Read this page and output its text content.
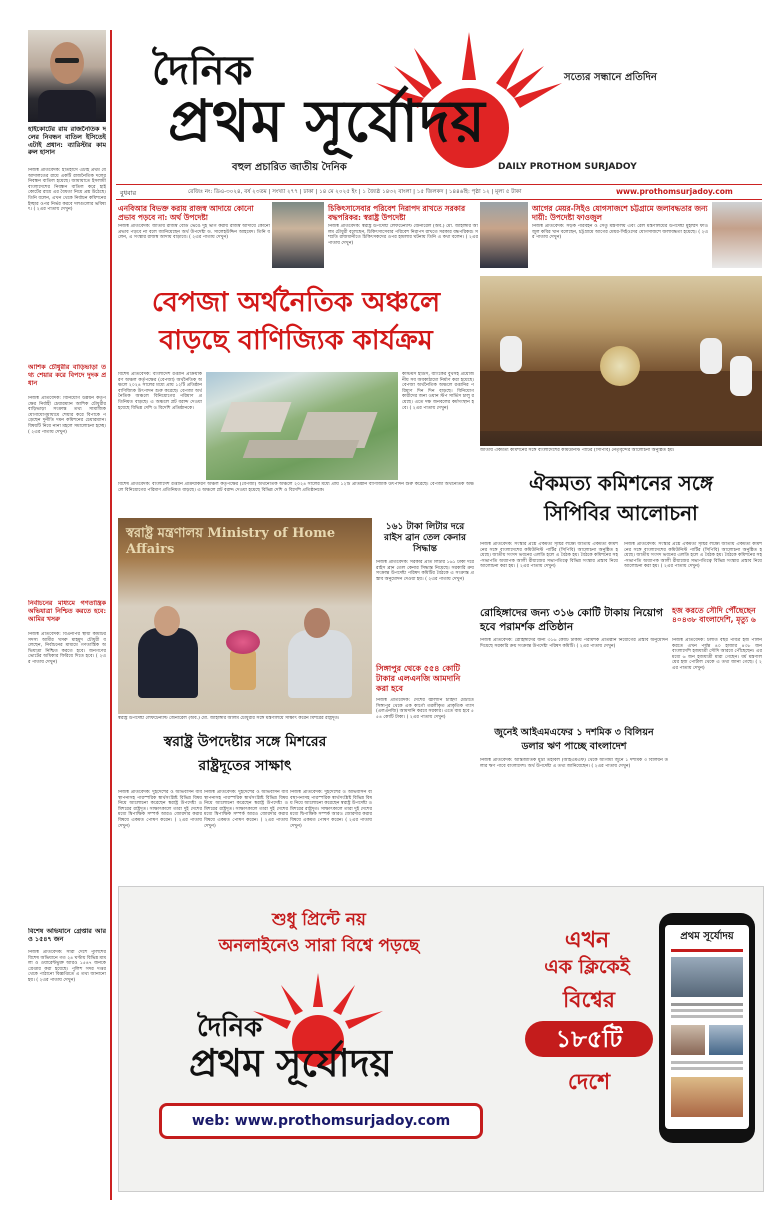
হাইকোর্টের রায় রাজনৈতিক দলের নিবন্ধন বাতিল ইসিতেই এটাই প্রধান: ব্যারিস্টার কামরুল হাসান
নিজস্ব প্রতিবেদক: ইতিহাসে এটাই প্রথম যে আদালতের রায়ে একটি রাজনৈতিক দলের নিবন্ধন বাতিল হয়েছে। জামায়াতে ইসলামী বাংলাদেশের নিবন্ধন বাতিল করে হাইকোর্টের রায়ে এর বৈধতা নিয়ে প্রশ্ন উঠেছে। তিনি বলেন, এখন থেকে নির্বাচন কমিশনের ইচ্ছার ওপর নির্ভর করবে দলগুলোর ভবিষ্যৎ। ( ২এর পাতায় দেখুন)
আশিক চৌধুরীর বাড়িভাড়া তথ্য শেয়ার করে বিপদে দুদক প্রধান
নিজস্ব প্রতিবেদক: বিনিয়োগ উন্নয়ন কর্তৃপক্ষের নির্বাহী চেয়ারম্যান আশিক চৌধুরীর বাড়িভাড়া সংক্রান্ত তথ্য সামাজিক যোগাযোগমাধ্যমে শেয়ার করে বিপাকে পড়েছেন দুর্নীতি দমন কমিশনের চেয়ারম্যান। বিষয়টি নিয়ে নানা মহলে সমালোচনা হচ্ছে। ( ২এর পাতায় দেখুন)
নির্বাচনের মাধ্যমে গণতান্ত্রিক অভিযাত্রা নিশ্চিত করতে হবে: আমির খসরু
নিজস্ব প্রতিবেদক: বিএনপির স্থায়ী কমিটির সদস্য আমীর খসরু মাহমুদ চৌধুরী বলেছেন, নির্বাচনের মাধ্যমে গণতান্ত্রিক অভিযাত্রা নিশ্চিত করতে হবে। জনগণের ভোটের অধিকার ফিরিয়ে দিতে হবে। ( ২এর পাতায় দেখুন)
বিশেষ অভিযানে গ্রেপ্তার আরও ১৫৪৭ জন
নিজস্ব প্রতিবেদক: সারা দেশে পুলিশের বিশেষ অভিযানে গত ২৪ ঘণ্টায় বিভিন্ন মামলা ও ওয়ারেন্টভুক্ত আরও ১৫৪৭ জনকে গ্রেপ্তার করা হয়েছে। পুলিশ সদর দপ্তর থেকে পাঠানো বিজ্ঞপ্তিতে এ তথ্য জানানো হয়। ( ২এর পাতায় দেখুন)
দৈনিক
প্রথম সূর্যোদয়
সত্যের সন্ধানে প্রতিদিন
বহুল প্রচারিত জাতীয় দৈনিক	DAILY PROTHOM SURJADOY
বুধবার	রেজিঃ নং: ডিএ-৩০২৪, বর্ষ ২৩তম | সংখ্যা ২৭৭ | ঢাকা | ১৪ মে ২০২৫ ইং | ১ জ্যৈষ্ঠ ১৪৩২ বাংলা | ১৫ জিলকদ | ১৪৪৬হি: পৃষ্ঠা ১২ | মূল্য ৫ টাকা	www.prothomsurjadoy.com
এনবিআর বিভক্ত করায় রাজস্ব আদায়ে কোনো প্রভাব পড়বে না: অর্থ উপদেষ্টা
নিজস্ব প্রতিবেদক: জাতীয় রাজস্ব বোর্ড ভেঙে দুই ভাগ করায় রাজস্ব আদায়ে কোনো প্রভাব পড়বে না বলে জানিয়েছেন অর্থ উপদেষ্টা ড. সালেহউদ্দিন আহমেদ। তিনি বলেন, এ সংস্কার রাজস্ব আদায় বাড়াবে। ( ২এর পাতায় দেখুন)
চিকিৎসাসেবার পরিবেশ নিরাপদ রাখতে সরকার বদ্ধপরিকর: স্বরাষ্ট্র উপদেষ্টা
নিজস্ব প্রতিবেদক: স্বরাষ্ট্র উপদেষ্টা লেফটেন্যান্ট জেনারেল (অব.) মো. জাহাঙ্গীর আলম চৌধুরী বলেছেন, চিকিৎসাসেবার পরিবেশ নিরাপদ রাখতে সরকার বদ্ধপরিকর। সম্প্রতি রাজধানীতে চিকিৎসকদের ওপর হামলার ঘটনায় তিনি এ কথা বলেন। ( ২এর পাতায় দেখুন)
আগের মেয়র-সিইও যোগসাজশে চট্টগ্রামে জলাবদ্ধতার জন্য দায়ী: উপদেষ্টা ফাওজুল
নিজস্ব প্রতিবেদক: সড়ক পরিবহন ও সেতু মন্ত্রণালয় এবং রেল মন্ত্রণালয়ের উপদেষ্টা মুহাম্মদ ফাওজুল কবির খান বলেছেন, চট্টগ্রামে আগের মেয়র-সিইওদের যোগসাজশে জলাবদ্ধতা হয়েছে। ( ২এর পাতায় দেখুন)
বেপজা অর্থনৈতিক অঞ্চলে
বাড়ছে বাণিজ্যিক কার্যক্রম
বিশেষ প্রতিবেদক: বাংলাদেশ রপ্তানি প্রক্রিয়াকরণ অঞ্চল কর্তৃপক্ষের (বেপজা) অর্থনৈতিক অঞ্চলে ২০২৪ সালের মধ্যে প্রায় ১২টি প্রতিষ্ঠান বাণিজ্যিক উৎপাদন শুরু করেছে। বেপজা অর্থনৈতিক অঞ্চলে বিনিয়োগের পরিমাণ প্রতিনিয়ত বাড়ছে। এ অঞ্চলে প্লট বরাদ্দ দেওয়া হয়েছে বিভিন্ন দেশি ও বিদেশি প্রতিষ্ঠানকে।
কাস্টমস হাউস, ব্যাংকের বুথসহ প্রয়োজনীয় সব অবকাঠামো নির্মাণ করা হয়েছে। বেপজা অর্থনৈতিক অঞ্চলে রপ্তানির পরিমাণ দিন দিন বাড়ছে। বিনিয়োগকারীদের জন্য ওয়ান স্টপ সার্ভিস চালু রয়েছে। এতে দক্ষ জনবলের কর্মসংস্থান হবে। ( ২এর পাতায় দেখুন)
বিশেষ প্রতিবেদক: বাংলাদেশ রপ্তানি প্রক্রিয়াকরণ অঞ্চল কর্তৃপক্ষের (বেপজা) অর্থনৈতিক অঞ্চলে ২০২৪ সালের মধ্যে প্রায় ১২টি প্রতিষ্ঠান বাণিজ্যিক উৎপাদন শুরু করেছে। বেপজা অর্থনৈতিক অঞ্চলে বিনিয়োগের পরিমাণ প্রতিনিয়ত বাড়ছে। এ অঞ্চলে প্লট বরাদ্দ দেওয়া হয়েছে বিভিন্ন দেশি ও বিদেশি প্রতিষ্ঠানকে।
জাতীয় ঐকমত্য কমিশনের সঙ্গে বাংলাদেশের কমিউনিস্ট পার্টির (সিপিবি) নেতৃবৃন্দের আলোচনা অনুষ্ঠিত হয়।
ঐকমত্য কমিশনের সঙ্গে
সিপিবির আলোচনা
নিজস্ব প্রতিবেদক: সংস্কার প্রশ্নে ঐকমত্য সৃষ্টির লক্ষ্যে জাতীয় ঐকমত্য কমিশনের সঙ্গে বাংলাদেশের কমিউনিস্ট পার্টির (সিপিবি) আলোচনা অনুষ্ঠিত হয়েছে। জাতীয় সংসদ ভবনের এলডি হলে এ বৈঠক হয়। বৈঠকে কমিশনের সহ-সভাপতি অধ্যাপক আলী রীয়াজের সভাপতিত্বে বিভিন্ন সংস্কার প্রস্তাব নিয়ে আলোচনা করা হয়। ( ২এর পাতায় দেখুন)
নিজস্ব প্রতিবেদক: সংস্কার প্রশ্নে ঐকমত্য সৃষ্টির লক্ষ্যে জাতীয় ঐকমত্য কমিশনের সঙ্গে বাংলাদেশের কমিউনিস্ট পার্টির (সিপিবি) আলোচনা অনুষ্ঠিত হয়েছে। জাতীয় সংসদ ভবনের এলডি হলে এ বৈঠক হয়। বৈঠকে কমিশনের সহ-সভাপতি অধ্যাপক আলী রীয়াজের সভাপতিত্বে বিভিন্ন সংস্কার প্রস্তাব নিয়ে আলোচনা করা হয়। ( ২এর পাতায় দেখুন)
স্বরাষ্ট্র মন্ত্রণালয় Ministry of Home Affairs
স্বরাষ্ট্র উপদেষ্টা লেফটেন্যান্ট জেনারেল (অব.) মো. জাহাঙ্গীর আলম চৌধুরীর সঙ্গে মন্ত্রণালয়ে সাক্ষাৎ করেন মিশরের রাষ্ট্রদূত।
স্বরাষ্ট্র উপদেষ্টার সঙ্গে মিশরের
রাষ্ট্রদূতের সাক্ষাৎ
নিজস্ব প্রতিবেদক: দুইদেশের ও অভিবাসন ব্যবস্থাপনাসহ পারস্পরিক স্বার্থসংশ্লিষ্ট বিভিন্ন বিষয় নিয়ে আলোচনা করেছেন স্বরাষ্ট্র উপদেষ্টা ও মিশরের রাষ্ট্রদূত। সাক্ষাৎকালে তারা দুই দেশের মধ্যে দ্বিপাক্ষিক সম্পর্ক আরও জোরদার করার বিষয়ে একমত পোষণ করেন। ( ২এর পাতায় দেখুন)
নিজস্ব প্রতিবেদক: দুইদেশের ও অভিবাসন ব্যবস্থাপনাসহ পারস্পরিক স্বার্থসংশ্লিষ্ট বিভিন্ন বিষয় নিয়ে আলোচনা করেছেন স্বরাষ্ট্র উপদেষ্টা ও মিশরের রাষ্ট্রদূত। সাক্ষাৎকালে তারা দুই দেশের মধ্যে দ্বিপাক্ষিক সম্পর্ক আরও জোরদার করার বিষয়ে একমত পোষণ করেন। ( ২এর পাতায় দেখুন)
নিজস্ব প্রতিবেদক: দুইদেশের ও অভিবাসন ব্যবস্থাপনাসহ পারস্পরিক স্বার্থসংশ্লিষ্ট বিভিন্ন বিষয় নিয়ে আলোচনা করেছেন স্বরাষ্ট্র উপদেষ্টা ও মিশরের রাষ্ট্রদূত। সাক্ষাৎকালে তারা দুই দেশের মধ্যে দ্বিপাক্ষিক সম্পর্ক আরও জোরদার করার বিষয়ে একমত পোষণ করেন। ( ২এর পাতায় দেখুন)
১৬১ টাকা লিটার দরে রাইস ব্রান তেল কেনার সিদ্ধান্ত
নিজস্ব প্রতিবেদক: সরকার প্রতি লিটার ১৬১ টাকা দরে রাইস ব্রান তেল কেনার সিদ্ধান্ত নিয়েছে। সরকারি ক্রয় সংক্রান্ত উপদেষ্টা পরিষদ কমিটির বৈঠকে এ সংক্রান্ত প্রস্তাব অনুমোদন দেওয়া হয়। ( ২এর পাতায় দেখুন)
সিঙ্গাপুর থেকে ৫৫৪ কোটি টাকার এলএনজি আমদানি করা হবে
নিজস্ব প্রতিবেদক: দেশের জ্বালানি চাহিদা মেটাতে সিঙ্গাপুর থেকে এক কার্গো তরলীকৃত প্রাকৃতিক গ্যাস (এলএনজি) আমদানি করবে সরকার। এতে ব্যয় হবে ৫৫৪ কোটি টাকা। ( ২এর পাতায় দেখুন)
রোহিঙ্গাদের জন্য ৩১৬ কোটি টাকায় নিয়োগ হবে পরামর্শক প্রতিষ্ঠান
নিজস্ব প্রতিবেদক: রোহিঙ্গাদের জন্য ৩১৬ কোটি টাকায় পরামর্শক প্রতিষ্ঠান নিয়োগের প্রস্তাব অনুমোদন দিয়েছে সরকারি ক্রয় সংক্রান্ত উপদেষ্টা পরিষদ কমিটি। ( ২এর পাতায় দেখুন)
জুনেই আইএমএফের ১ দশমিক ৩ বিলিয়ন
ডলার ঋণ পাচ্ছে বাংলাদেশ
নিজস্ব প্রতিবেদক: আন্তর্জাতিক মুদ্রা তহবিল (আইএমএফ) থেকে আগামী জুনে ১ দশমিক ৩ বিলিয়ন ডলার ঋণ পাবে বাংলাদেশ। অর্থ উপদেষ্টা এ তথ্য জানিয়েছেন। ( ২এর পাতায় দেখুন)
হজ করতে সৌদি পৌঁছেছেন ৪০৪৩৮ বাংলাদেশি, মৃত্যু ৬
নিজস্ব প্রতিবেদক: চলতি বছর পবিত্র হজ পালন করতে এখন পর্যন্ত ৪০ হাজার ৪৩৮ জন বাংলাদেশি হজযাত্রী সৌদি আরবে পৌঁছেছেন। এর মধ্যে ৬ জন হজযাত্রী মারা গেছেন। ধর্ম মন্ত্রণালয়ের হজ পোর্টাল থেকে এ তথ্য জানা গেছে। ( ২এর পাতায় দেখুন)
শুধু প্রিন্টে নয়
অনলাইনেও সারা বিশ্বে পড়ছে
দৈনিক
প্রথম সূর্যোদয়
web: www.prothomsurjadoy.com
এখন
এক ক্লিকেই
বিশ্বের
১৮৫টি
দেশে
প্রথম সূর্যোদয়
